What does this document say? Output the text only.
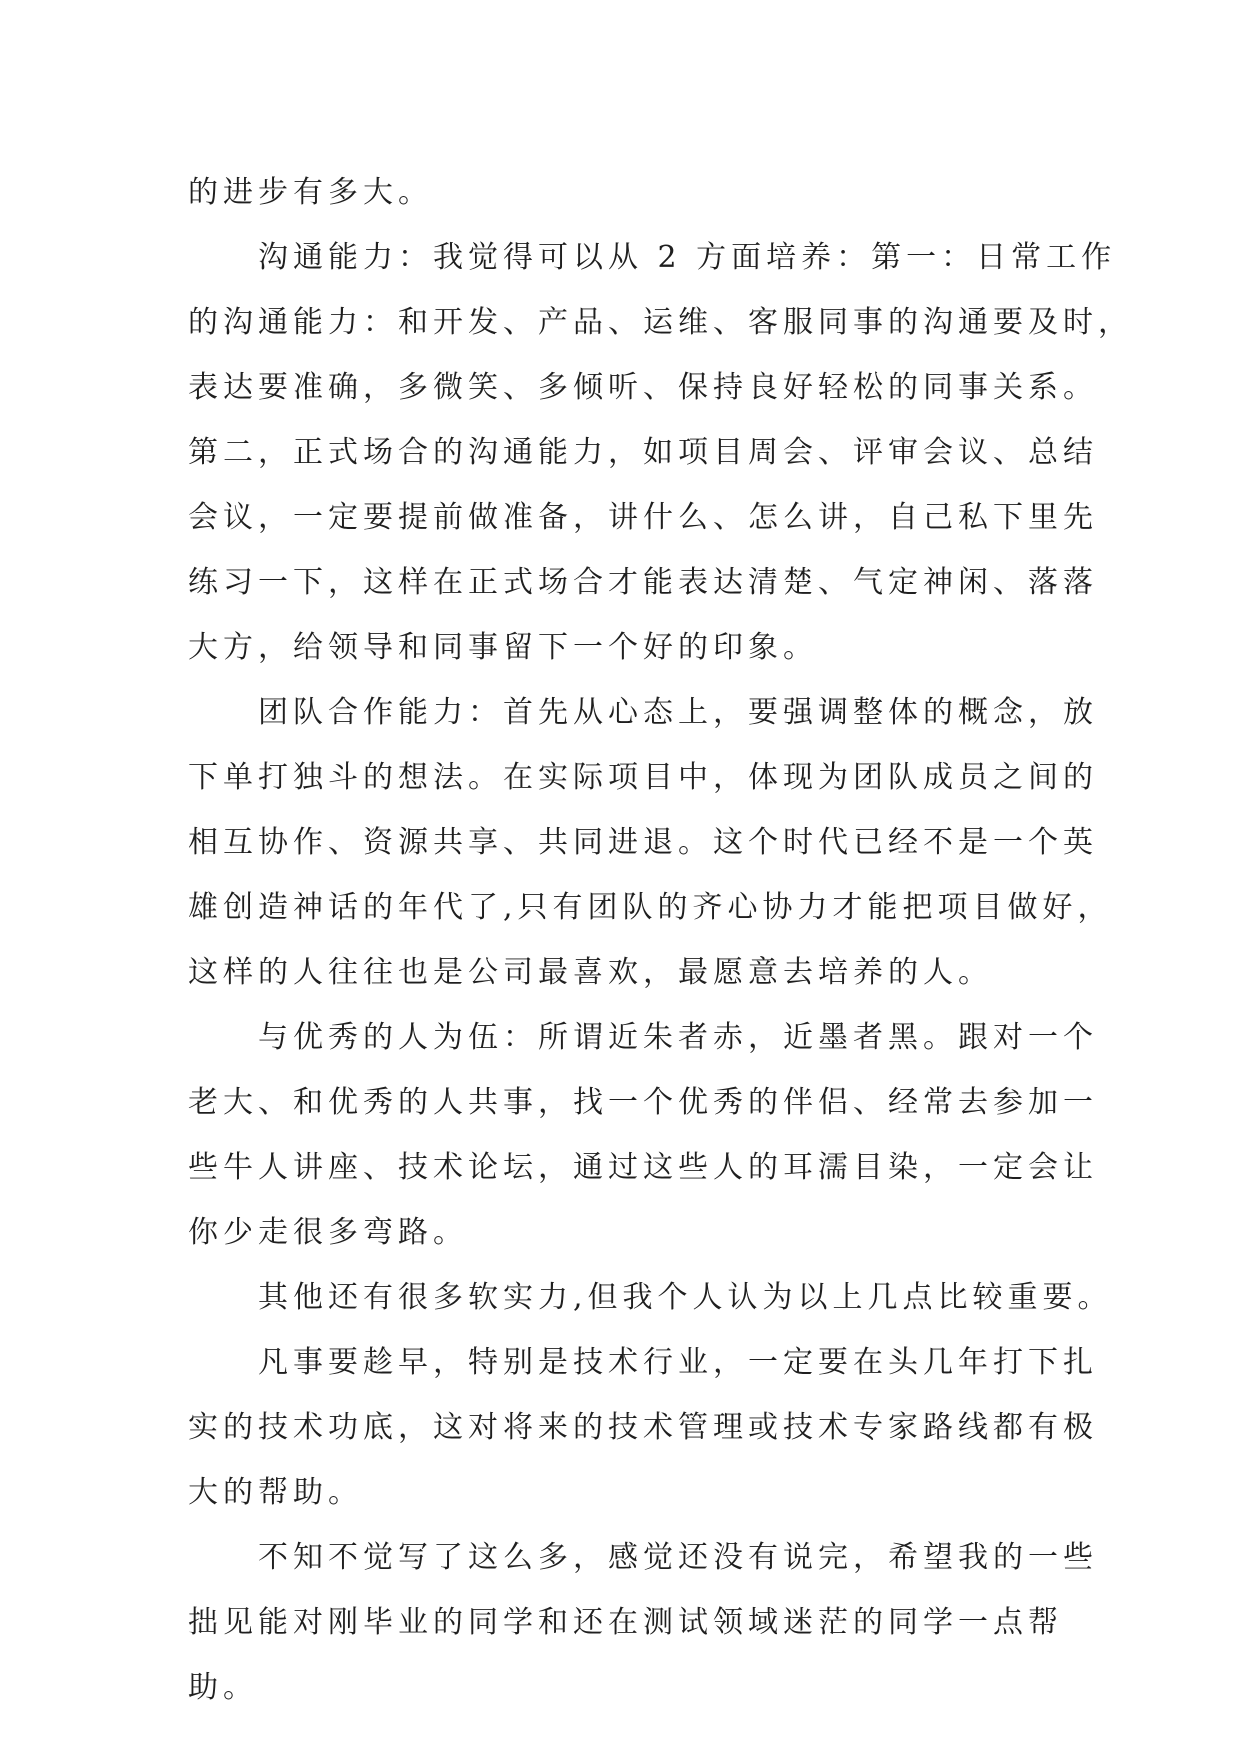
的进步有多大。
沟通能力：我觉得可以从 2 方面培养：第一：日常工作
的沟通能力：和开发、产品、运维、客服同事的沟通要及时，
表达要准确，多微笑、多倾听、保持良好轻松的同事关系。
第二，正式场合的沟通能力，如项目周会、评审会议、总结
会议，一定要提前做准备，讲什么、怎么讲，自己私下里先
练习一下，这样在正式场合才能表达清楚、气定神闲、落落
大方，给领导和同事留下一个好的印象。
团队合作能力：首先从心态上，要强调整体的概念，放
下单打独斗的想法。在实际项目中，体现为团队成员之间的
相互协作、资源共享、共同进退。这个时代已经不是一个英
雄创造神话的年代了,只有团队的齐心协力才能把项目做好，
这样的人往往也是公司最喜欢，最愿意去培养的人。
与优秀的人为伍：所谓近朱者赤，近墨者黑。跟对一个
老大、和优秀的人共事，找一个优秀的伴侣、经常去参加一
些牛人讲座、技术论坛，通过这些人的耳濡目染，一定会让
你少走很多弯路。
其他还有很多软实力,但我个人认为以上几点比较重要。
凡事要趁早，特别是技术行业，一定要在头几年打下扎
实的技术功底，这对将来的技术管理或技术专家路线都有极
大的帮助。
不知不觉写了这么多，感觉还没有说完，希望我的一些
拙见能对刚毕业的同学和还在测试领域迷茫的同学一点帮
助。
